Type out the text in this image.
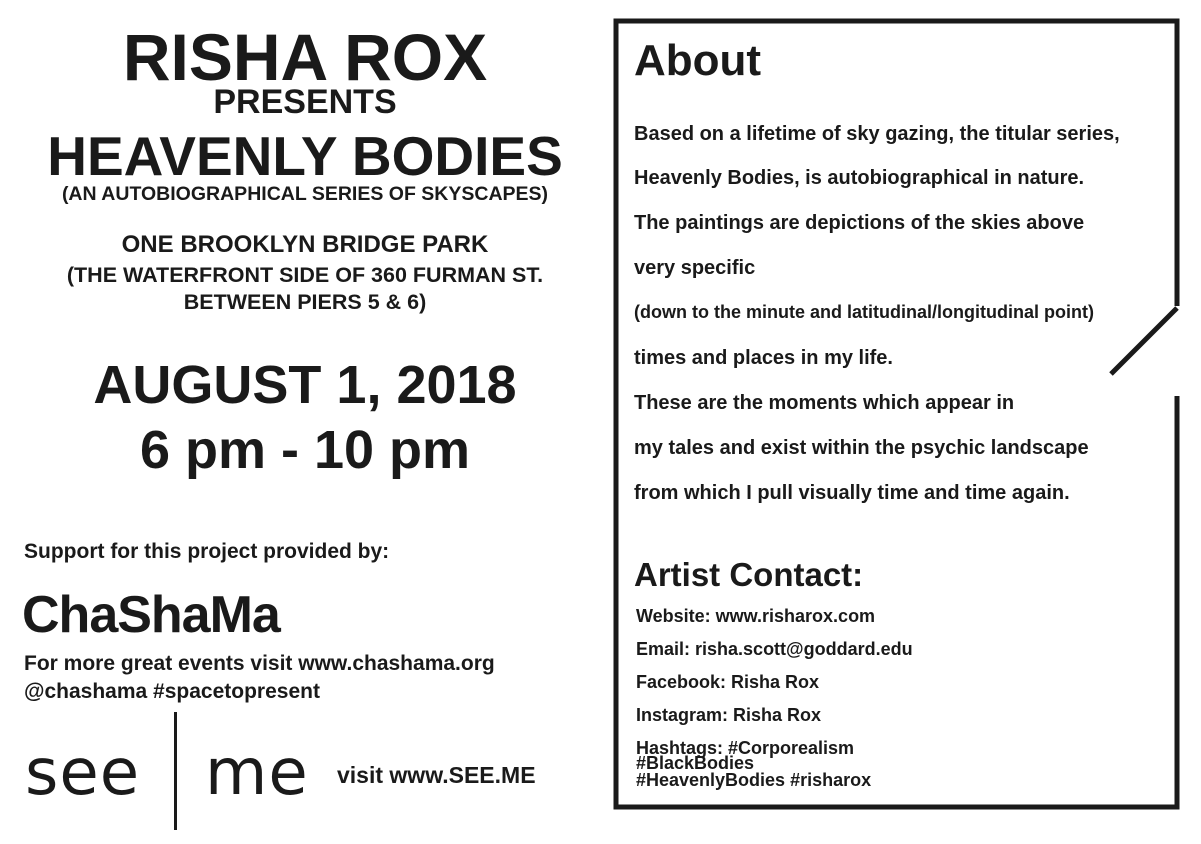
RISHA ROX
PRESENTS
HEAVENLY BODIES
(AN AUTOBIOGRAPHICAL SERIES OF SKYSCAPES)
ONE BROOKLYN BRIDGE PARK
(THE WATERFRONT SIDE OF 360 FURMAN ST.
BETWEEN PIERS 5 & 6)
AUGUST 1, 2018
6 pm - 10 pm
Support for this project provided by:
ChaShaMa
For more great events visit www.chashama.org
@chashama #spacetopresent
see me visit www.SEE.ME
About
Based on a lifetime of sky gazing, the titular series,
Heavenly Bodies, is autobiographical in nature.
The paintings are depictions of the skies above
very specific
(down to the minute and latitudinal/longitudinal point)
times and places in my life.
These are the moments which appear in
my tales and exist within the psychic landscape
from which I pull visually time and time again.
Artist Contact:
Website: www.risharox.com
Email: risha.scott@goddard.edu
Facebook: Risha Rox
Instagram: Risha Rox
Hashtags: #Corporealism
#BlackBodies
#HeavenlyBodies #risharox
